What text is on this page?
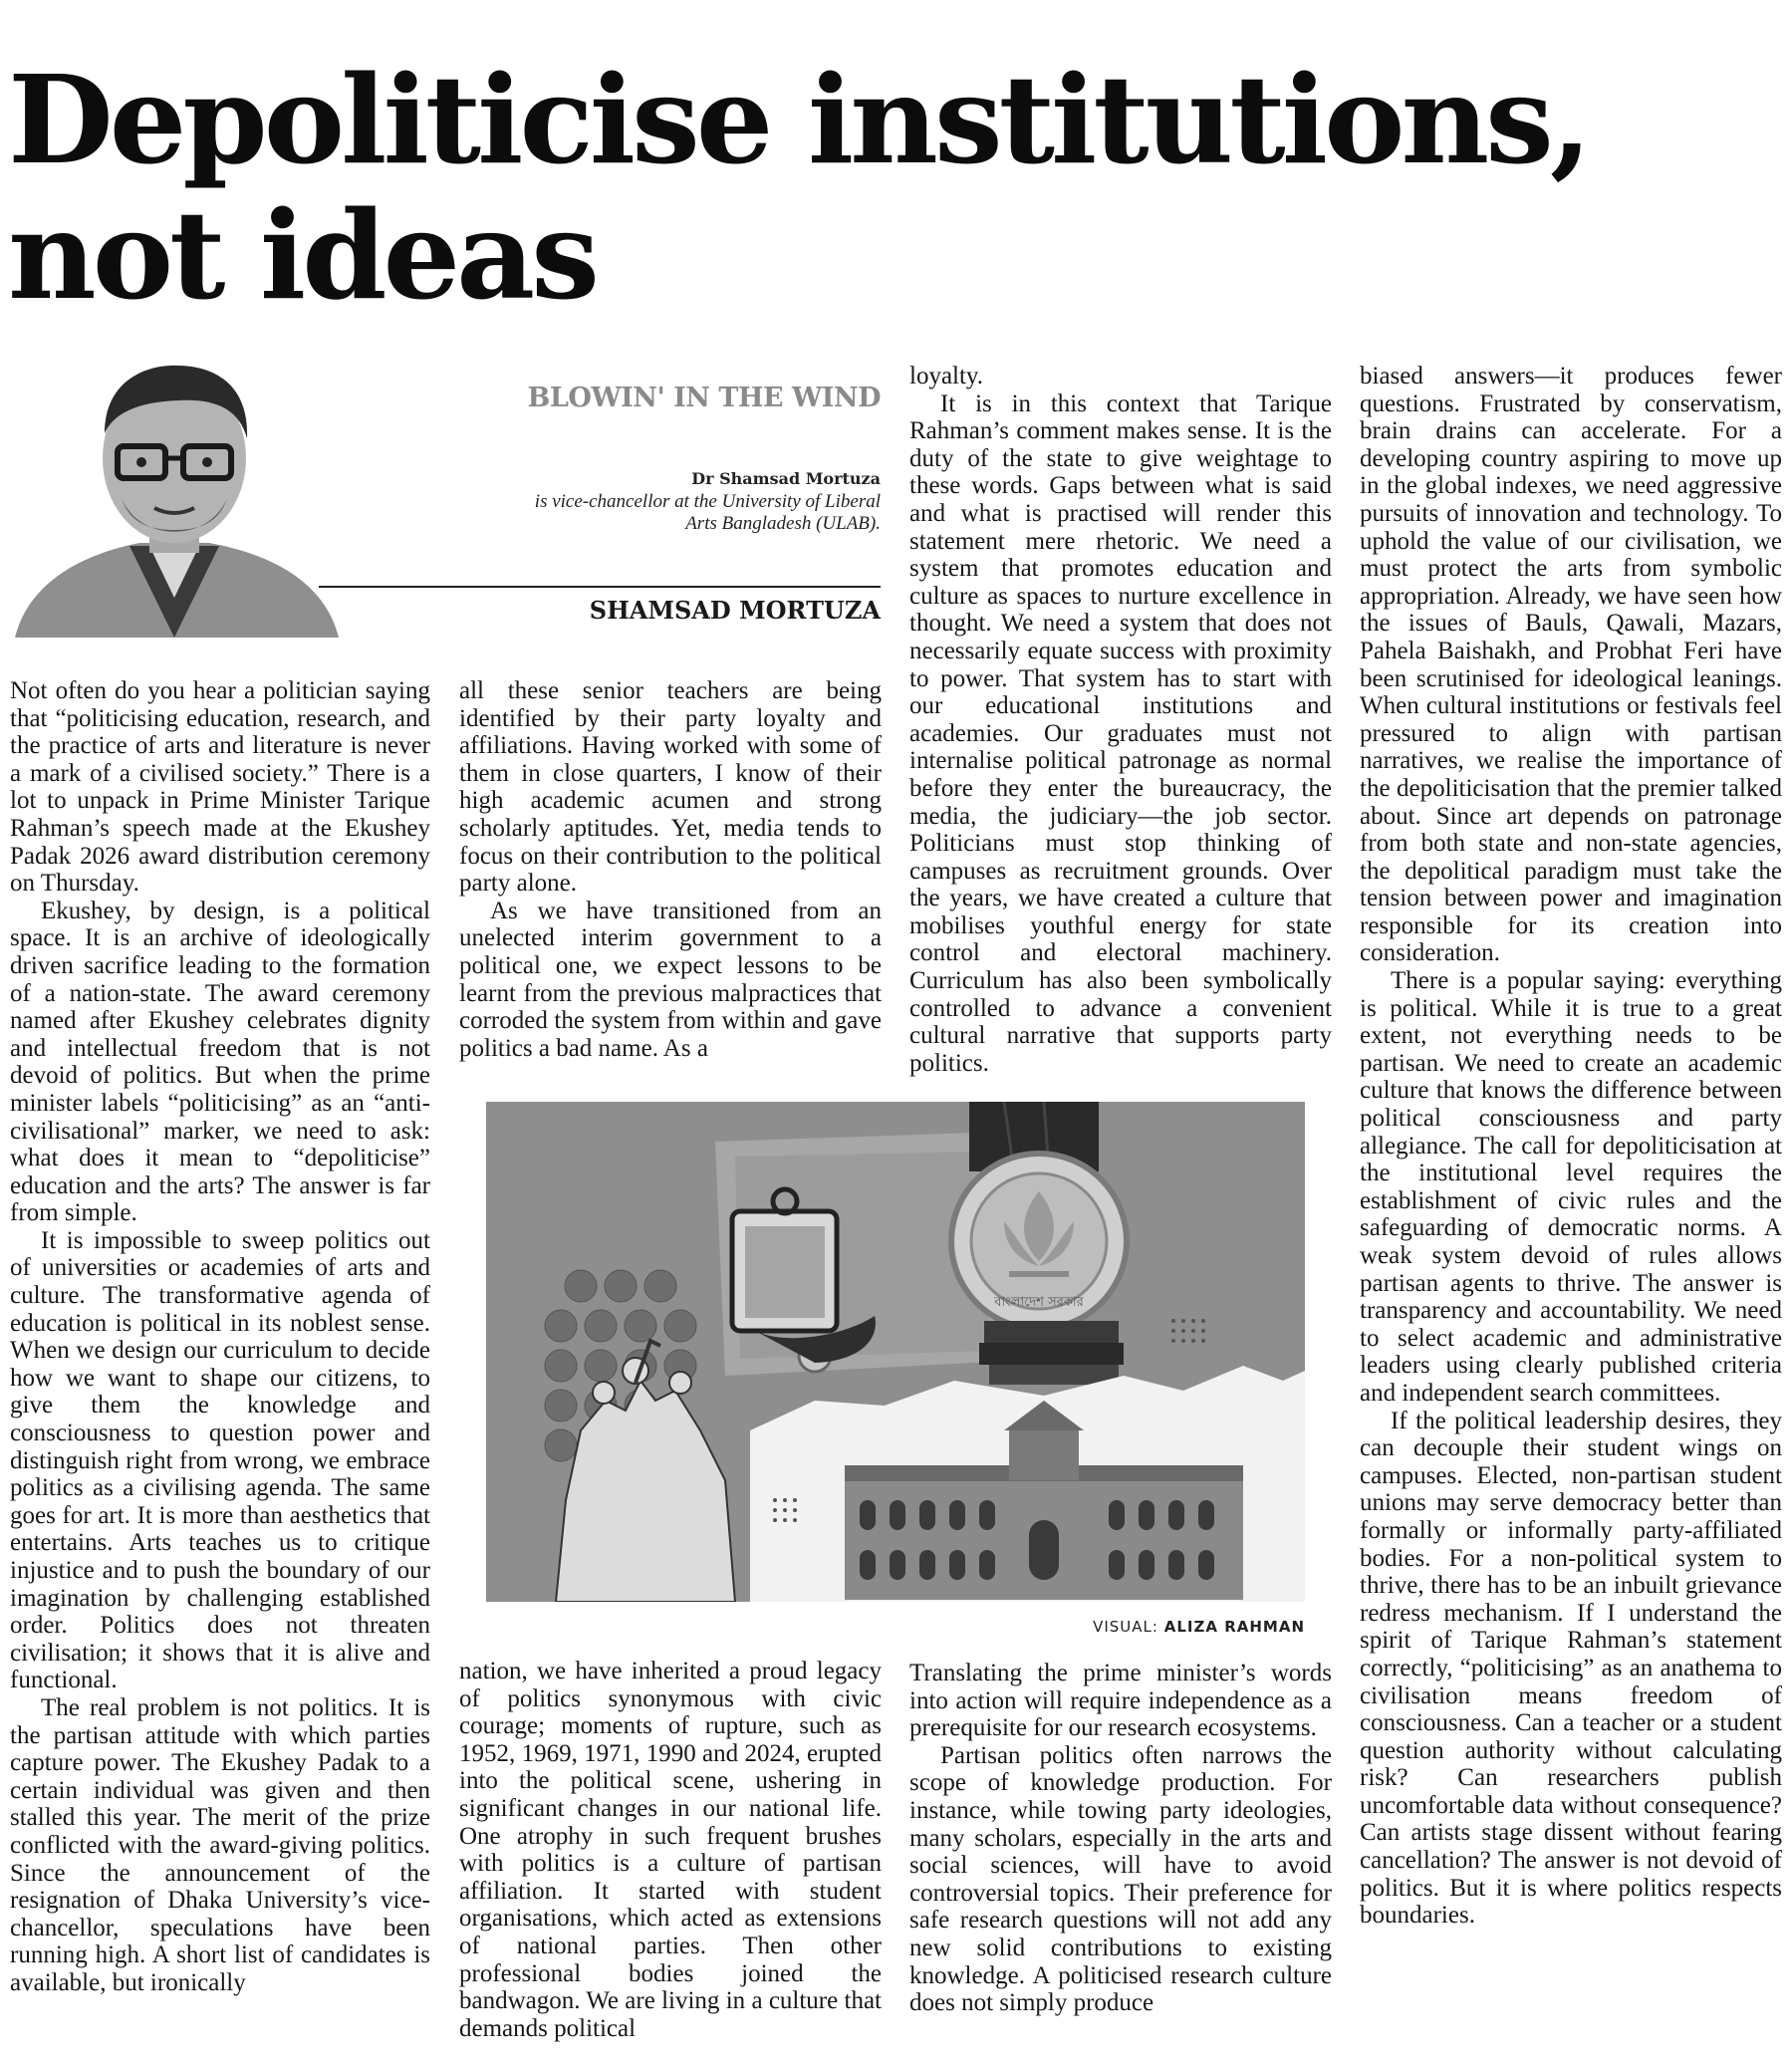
Depoliticise institutions, not ideas
BLOWIN' IN THE WIND
Dr Shamsad Mortuza
is vice-chancellor at the University of Liberal Arts Bangladesh (ULAB).
SHAMSAD MORTUZA

Not often do you hear a politician saying that “politicising education, research, and the practice of arts and literature is never a mark of a civilised society.” There is a lot to unpack in Prime Minister Tarique Rahman’s speech made at the Ekushey Padak 2026 award distribution ceremony on Thursday.

Ekushey, by design, is a political space. It is an archive of ideologically driven sacrifice leading to the formation of a nation-state. The award ceremony named after Ekushey celebrates dignity and intellectual freedom that is not devoid of politics. But when the prime minister labels “politicising” as an “anti-civilisational” marker, we need to ask: what does it mean to “depoliticise” education and the arts? The answer is far from simple.

It is impossible to sweep politics out of universities or academies of arts and culture. The transformative agenda of education is political in its noblest sense. When we design our curriculum to decide how we want to shape our citizens, to give them the knowledge and consciousness to question power and distinguish right from wrong, we embrace politics as a civilising agenda. The same goes for art. It is more than aesthetics that entertains. Arts teaches us to critique injustice and to push the boundary of our imagination by challenging established order. Politics does not threaten civilisation; it shows that it is alive and functional.

The real problem is not politics. It is the partisan attitude with which parties capture power. The Ekushey Padak to a certain individual was given and then stalled this year. The merit of the prize conflicted with the award-giving politics. Since the announcement of the resignation of Dhaka University’s vice-chancellor, speculations have been running high. A short list of candidates is available, but ironically

all these senior teachers are being identified by their party loyalty and affiliations. Having worked with some of them in close quarters, I know of their high academic acumen and strong scholarly aptitudes. Yet, media tends to focus on their contribution to the political party alone.

As we have transitioned from an unelected interim government to a political one, we expect lessons to be learnt from the previous malpractices that corroded the system from within and gave politics a bad name. As a

nation, we have inherited a proud legacy of politics synonymous with civic courage; moments of rupture, such as 1952, 1969, 1971, 1990 and 2024, erupted into the political scene, ushering in significant changes in our national life. One atrophy in such frequent brushes with politics is a culture of partisan affiliation. It started with student organisations, which acted as extensions of national parties. Then other professional bodies joined the bandwagon. We are living in a culture that demands political

loyalty.

It is in this context that Tarique Rahman’s comment makes sense. It is the duty of the state to give weightage to these words. Gaps between what is said and what is practised will render this statement mere rhetoric. We need a system that promotes education and culture as spaces to nurture excellence in thought. We need a system that does not necessarily equate success with proximity to power. That system has to start with our educational institutions and academies. Our graduates must not internalise political patronage as normal before they enter the bureaucracy, the media, the judiciary—the job sector. Politicians must stop thinking of campuses as recruitment grounds. Over the years, we have created a culture that mobilises youthful energy for state control and electoral machinery. Curriculum has also been symbolically controlled to advance a convenient cultural narrative that supports party politics.

Translating the prime minister’s words into action will require independence as a prerequisite for our research ecosystems.

Partisan politics often narrows the scope of knowledge production. For instance, while towing party ideologies, many scholars, especially in the arts and social sciences, will have to avoid controversial topics. Their preference for safe research questions will not add any new solid contributions to existing knowledge. A politicised research culture does not simply produce

biased answers—it produces fewer questions. Frustrated by conservatism, brain drains can accelerate. For a developing country aspiring to move up in the global indexes, we need aggressive pursuits of innovation and technology. To uphold the value of our civilisation, we must protect the arts from symbolic appropriation. Already, we have seen how the issues of Bauls, Qawali, Mazars, Pahela Baishakh, and Probhat Feri have been scrutinised for ideological leanings. When cultural institutions or festivals feel pressured to align with partisan narratives, we realise the importance of the depoliticisation that the premier talked about. Since art depends on patronage from both state and non-state agencies, the depolitical paradigm must take the tension between power and imagination responsible for its creation into consideration.

There is a popular saying: everything is political. While it is true to a great extent, not everything needs to be partisan. We need to create an academic culture that knows the difference between political consciousness and party allegiance. The call for depoliticisation at the institutional level requires the establishment of civic rules and the safeguarding of democratic norms. A weak system devoid of rules allows partisan agents to thrive. The answer is transparency and accountability. We need to select academic and administrative leaders using clearly published criteria and independent search committees.

If the political leadership desires, they can decouple their student wings on campuses. Elected, non-partisan student unions may serve democracy better than formally or informally party-affiliated bodies. For a non-political system to thrive, there has to be an inbuilt grievance redress mechanism. If I understand the spirit of Tarique Rahman’s statement correctly, “politicising” as an anathema to civilisation means freedom of consciousness. Can a teacher or a student question authority without calculating risk? Can researchers publish uncomfortable data without consequence? Can artists stage dissent without fearing cancellation? The answer is not devoid of politics. But it is where politics respects boundaries.

বাংলাদেশ সরকার
VISUAL: ALIZA RAHMAN
